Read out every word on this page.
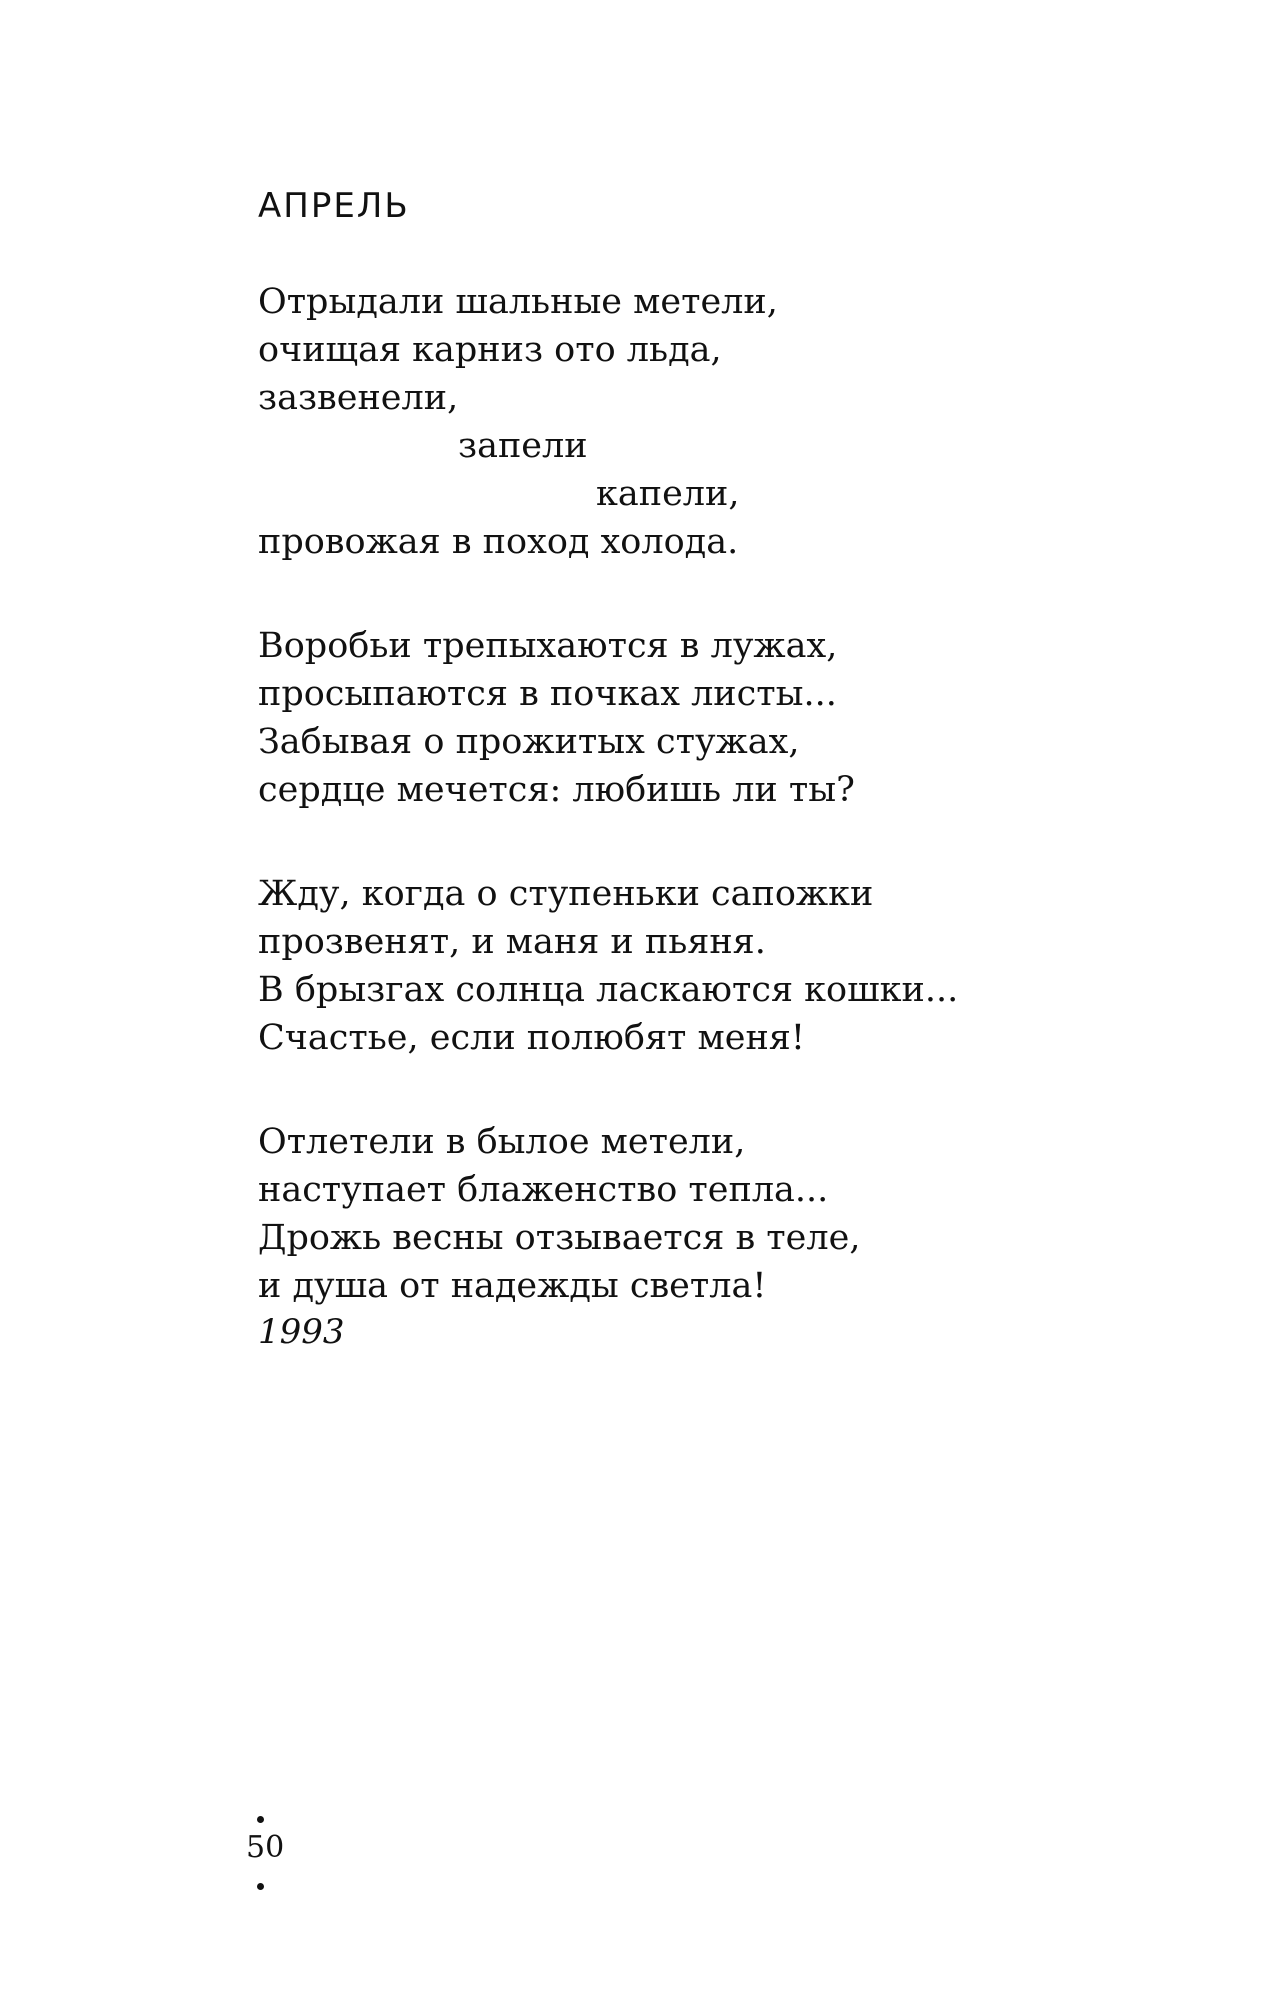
АПРЕЛЬ
Отрыдали шальные метели,
очищая карниз ото льда,
зазвенели,
запели
капели,
провожая в поход холода.
Воробьи трепыхаются в лужах,
просыпаются в почках листы...
Забывая о прожитых стужах,
сердце мечется: любишь ли ты?
Жду, когда о ступеньки сапожки
прозвенят, и маня и пьяня.
В брызгах солнца ласкаются кошки...
Счастье, если полюбят меня!
Отлетели в былое метели,
наступает блаженство тепла...
Дрожь весны отзывается в теле,
и душа от надежды светла!
1993
50
